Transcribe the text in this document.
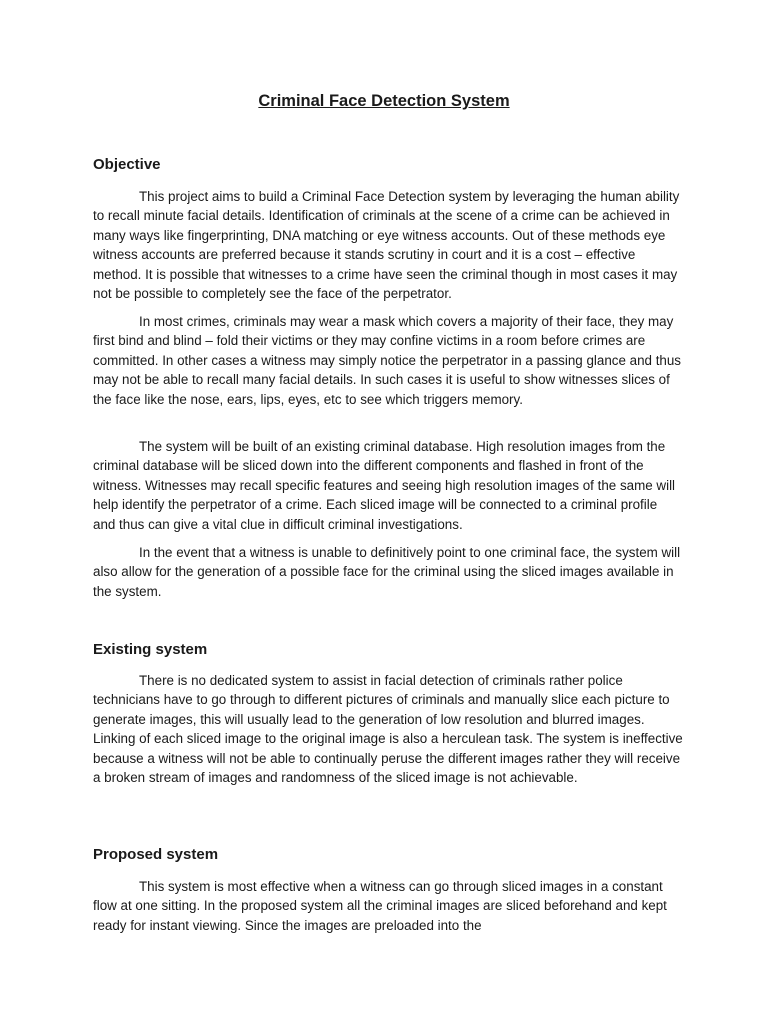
Criminal Face Detection System
Objective

This project aims to build a Criminal Face Detection system by leveraging the human ability to recall minute facial details. Identification of criminals at the scene of a crime can be achieved in many ways like fingerprinting, DNA matching or eye witness accounts. Out of these methods eye witness accounts are preferred because it stands scrutiny in court and it is a cost – effective method. It is possible that witnesses to a crime have seen the criminal though in most cases it may not be possible to completely see the face of the perpetrator.

In most crimes, criminals may wear a mask which covers a majority of their face, they may first bind and blind – fold their victims or they may confine victims in a room before crimes are committed. In other cases a witness may simply notice the perpetrator in a passing glance and thus may not be able to recall many facial details. In such cases it is useful to show witnesses slices of the face like the nose, ears, lips, eyes, etc to see which triggers memory.

The system will be built of an existing criminal database. High resolution images from the criminal database will be sliced down into the different components and flashed in front of the witness. Witnesses may recall specific features and seeing high resolution images of the same will help identify the perpetrator of a crime. Each sliced image will be connected to a criminal profile and thus can give a vital clue in difficult criminal investigations.

In the event that a witness is unable to definitively point to one criminal face, the system will also allow for the generation of a possible face for the criminal using the sliced images available in the system.

Existing system

There is no dedicated system to assist in facial detection of criminals rather police technicians have to go through to different pictures of criminals and manually slice each picture to generate images, this will usually lead to the generation of low resolution and blurred images. Linking of each sliced image to the original image is also a herculean task. The system is ineffective because a witness will not be able to continually peruse the different images rather they will receive a broken stream of images and randomness of the sliced image is not achievable.

Proposed system

This system is most effective when a witness can go through sliced images in a constant flow at one sitting. In the proposed system all the criminal images are sliced beforehand and kept ready for instant viewing. Since the images are preloaded into the
